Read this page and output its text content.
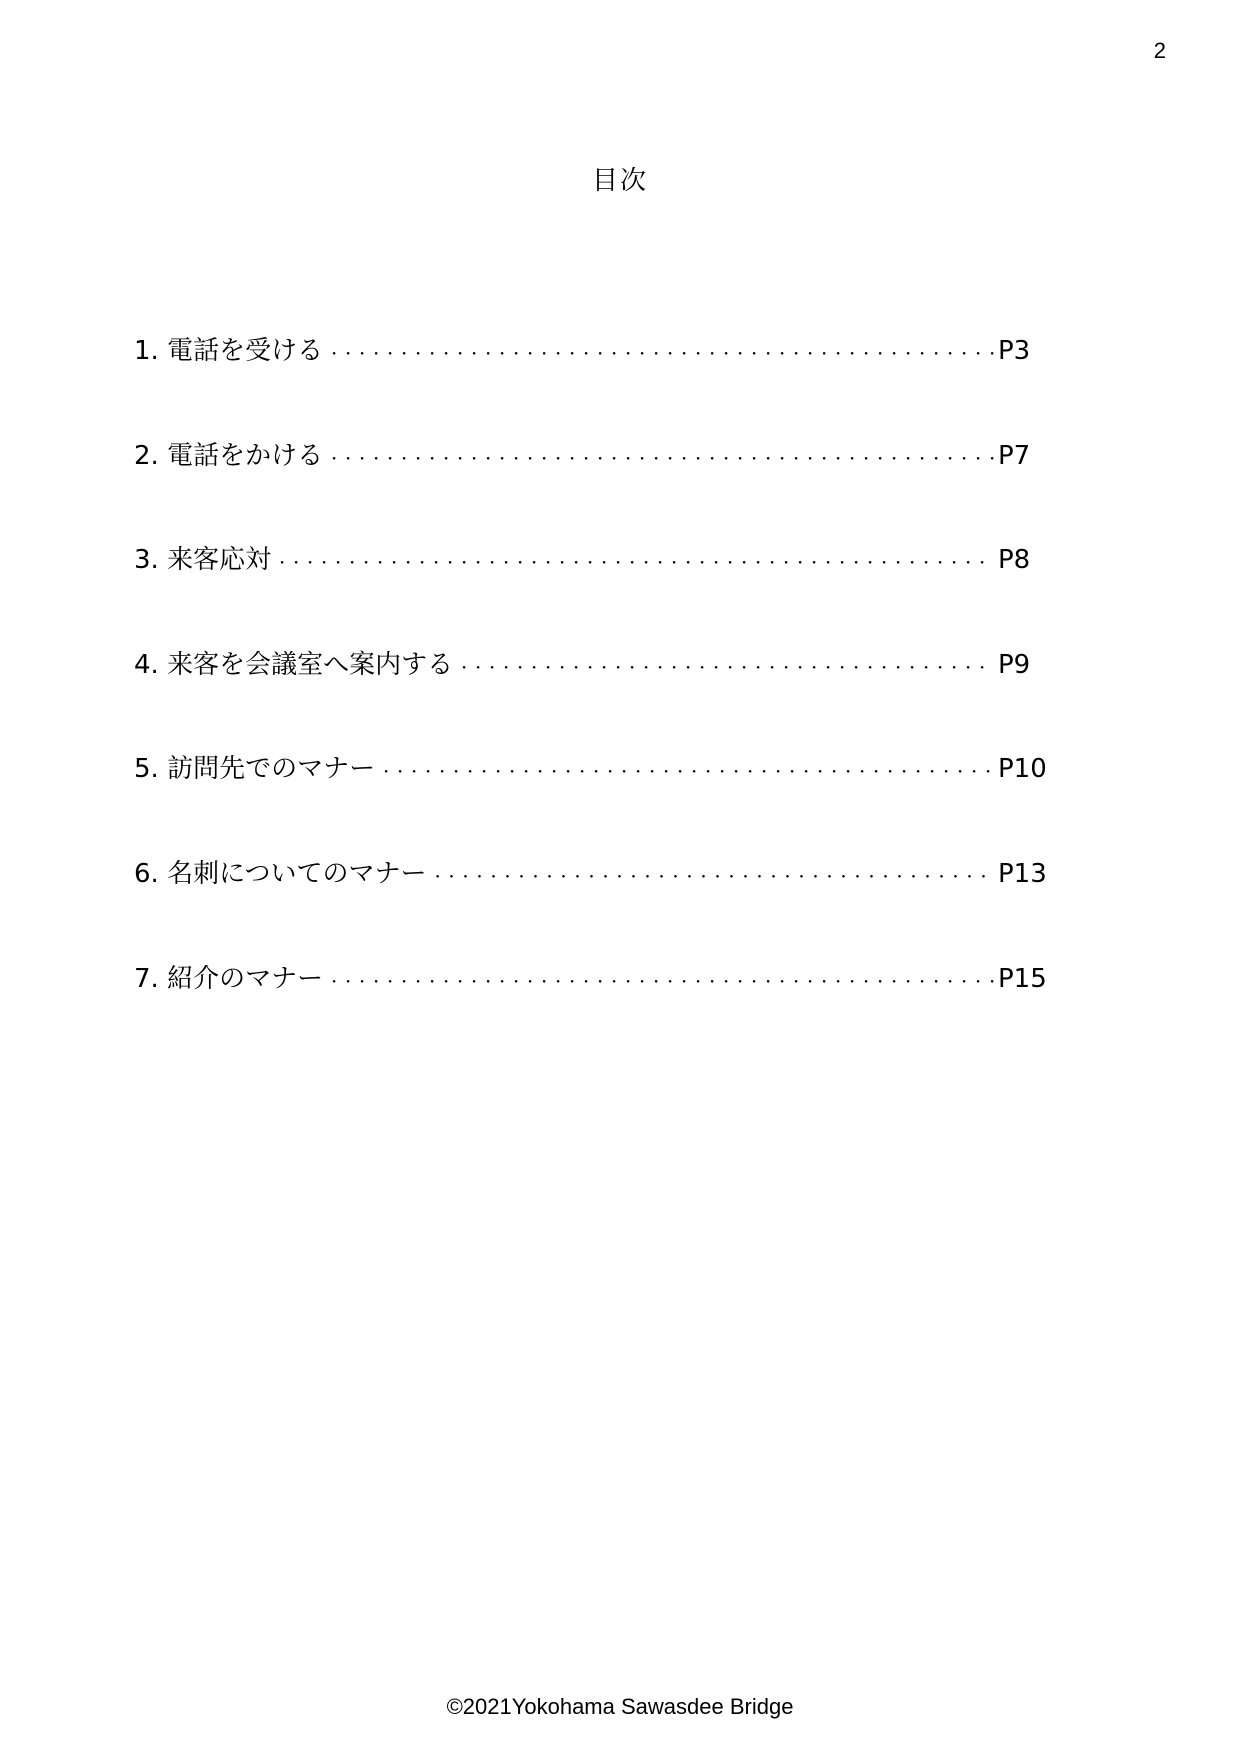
2
目次
1. 電話を受ける ・・・・・・・・・・・・・・・・・・・・・・・・・・・・・・・・・・・・・・・・・・・・・・・・・・・・・・・・・・・・・・	P3
2. 電話をかける ・・・・・・・・・・・・・・・・・・・・・・・・・・・・・・・・・・・・・・・・・・・・・・・・・・・・・・・・・・・・・・	P7
3. 来客応対 ・・・・・・・・・・・・・・・・・・・・・・・・・・・・・・・・・・・・・・・・・・・・・・・・・・・・・・・・・・・・・・	P8
4. 来客を会議室へ案内する ・・・・・・・・・・・・・・・・・・・・・・・・・・・・・・・・・・・・・・・・・・・・・・・・・・・・・・・・・・・・・・	P9
5. 訪問先でのマナー ・・・・・・・・・・・・・・・・・・・・・・・・・・・・・・・・・・・・・・・・・・・・・・・・・・・・・・・・・・・・・・	P10
6. 名刺についてのマナー ・・・・・・・・・・・・・・・・・・・・・・・・・・・・・・・・・・・・・・・・・・・・・・・・・・・・・・・・・・・・・・	P13
7. 紹介のマナー ・・・・・・・・・・・・・・・・・・・・・・・・・・・・・・・・・・・・・・・・・・・・・・・・・・・・・・・・・・・・・・	P15
©2021Yokohama Sawasdee Bridge
